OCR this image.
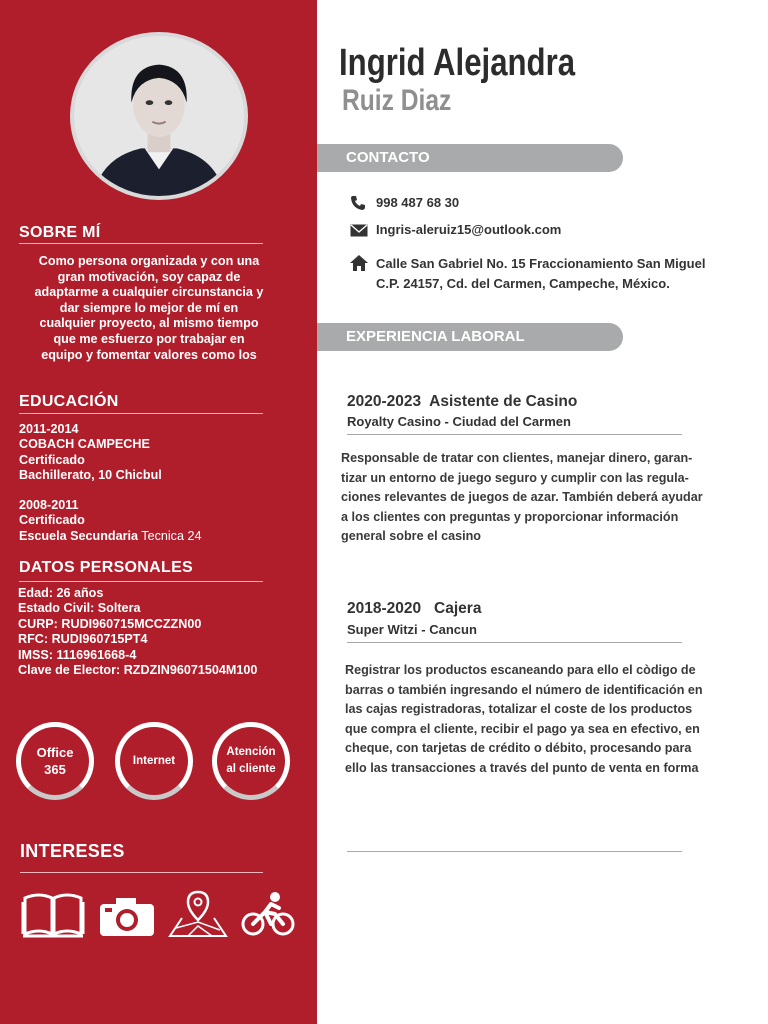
SOBRE MÍ
Como persona organizada y con una
gran motivación, soy capaz de
adaptarme a cualquier circunstancia y
dar siempre lo mejor de mí en
cualquier proyecto, al mismo tiempo
que me esfuerzo por trabajar en
equipo y fomentar valores como los
EDUCACIÓN
2011-2014
COBACH CAMPECHE
Certificado
Bachillerato, 10 Chicbul
2008-2011
Certificado
Escuela Secundaria Tecnica 24
DATOS PERSONALES
Edad: 26 años
Estado Civil: Soltera
CURP: RUDI960715MCCZZN00
RFC: RUDI960715PT4
IMSS: 1116961668-4
Clave de Elector: RZDZIN96071504M100
Office
365
Internet
Atención
al cliente
INTERESES
Ingrid Alejandra
Ruiz Diaz
CONTACTO
998 487 68 30
Ingris-aleruiz15@outlook.com
Calle San Gabriel No. 15 Fraccionamiento San Miguel
C.P. 24157, Cd. del Carmen, Campeche, México.
EXPERIENCIA LABORAL
2020-2023 Asistente de Casino
Royalty Casino - Ciudad del Carmen
Responsable de tratar con clientes, manejar dinero, garan-
tizar un entorno de juego seguro y cumplir con las regula-
ciones relevantes de juegos de azar. También deberá ayudar
a los clientes con preguntas y proporcionar información
general sobre el casino
2018-2020 Cajera
Super Witzi - Cancun
Registrar los productos escaneando para ello el còdigo de
barras o también ingresando el número de identificación en
las cajas registradoras, totalizar el coste de los productos
que compra el cliente, recibir el pago ya sea en efectivo, en
cheque, con tarjetas de crédito o débito, procesando para
ello las transacciones a través del punto de venta en forma
